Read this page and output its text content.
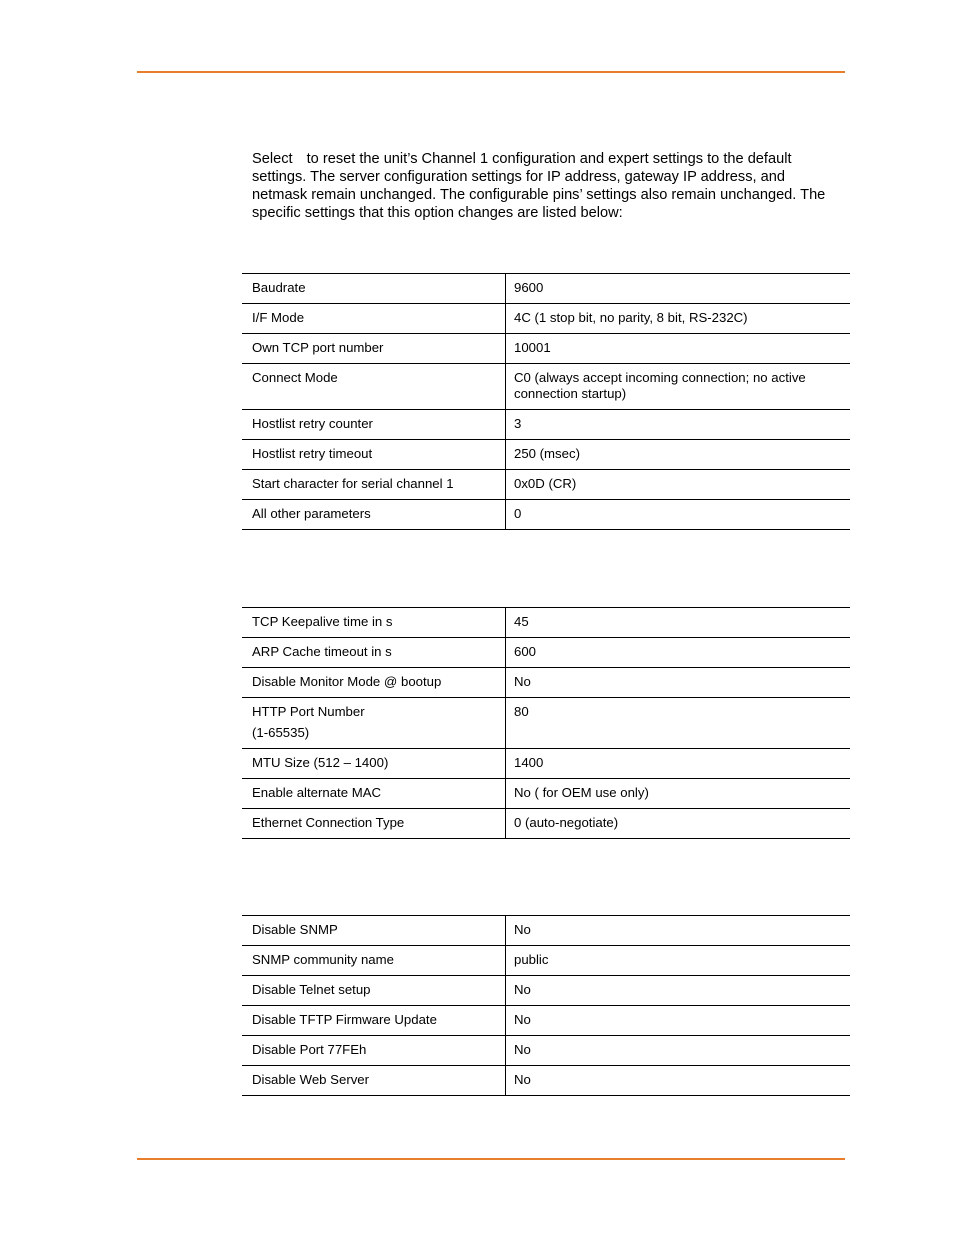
Select to reset the unit’s Channel 1 configuration and expert settings to the default settings. The server configuration settings for IP address, gateway IP address, and netmask remain unchanged. The configurable pins’ settings also remain unchanged. The specific settings that this option changes are listed below:

Baudrate	9600
I/F Mode	4C (1 stop bit, no parity, 8 bit, RS-232C)
Own TCP port number	10001
Connect Mode	C0 (always accept incoming connection; no active connection startup)
Hostlist retry counter	3
Hostlist retry timeout	250 (msec)
Start character for serial channel 1	0x0D (CR)
All other parameters	0
TCP Keepalive time in s	45
ARP Cache timeout in s	600
Disable Monitor Mode @ bootup	No
HTTP Port Number
(1-65535)	80
MTU Size (512 – 1400)	1400
Enable alternate MAC	No ( for OEM use only)
Ethernet Connection Type	0 (auto-negotiate)
Disable SNMP	No
SNMP community name	public
Disable Telnet setup	No
Disable TFTP Firmware Update	No
Disable Port 77FEh	No
Disable Web Server	No
